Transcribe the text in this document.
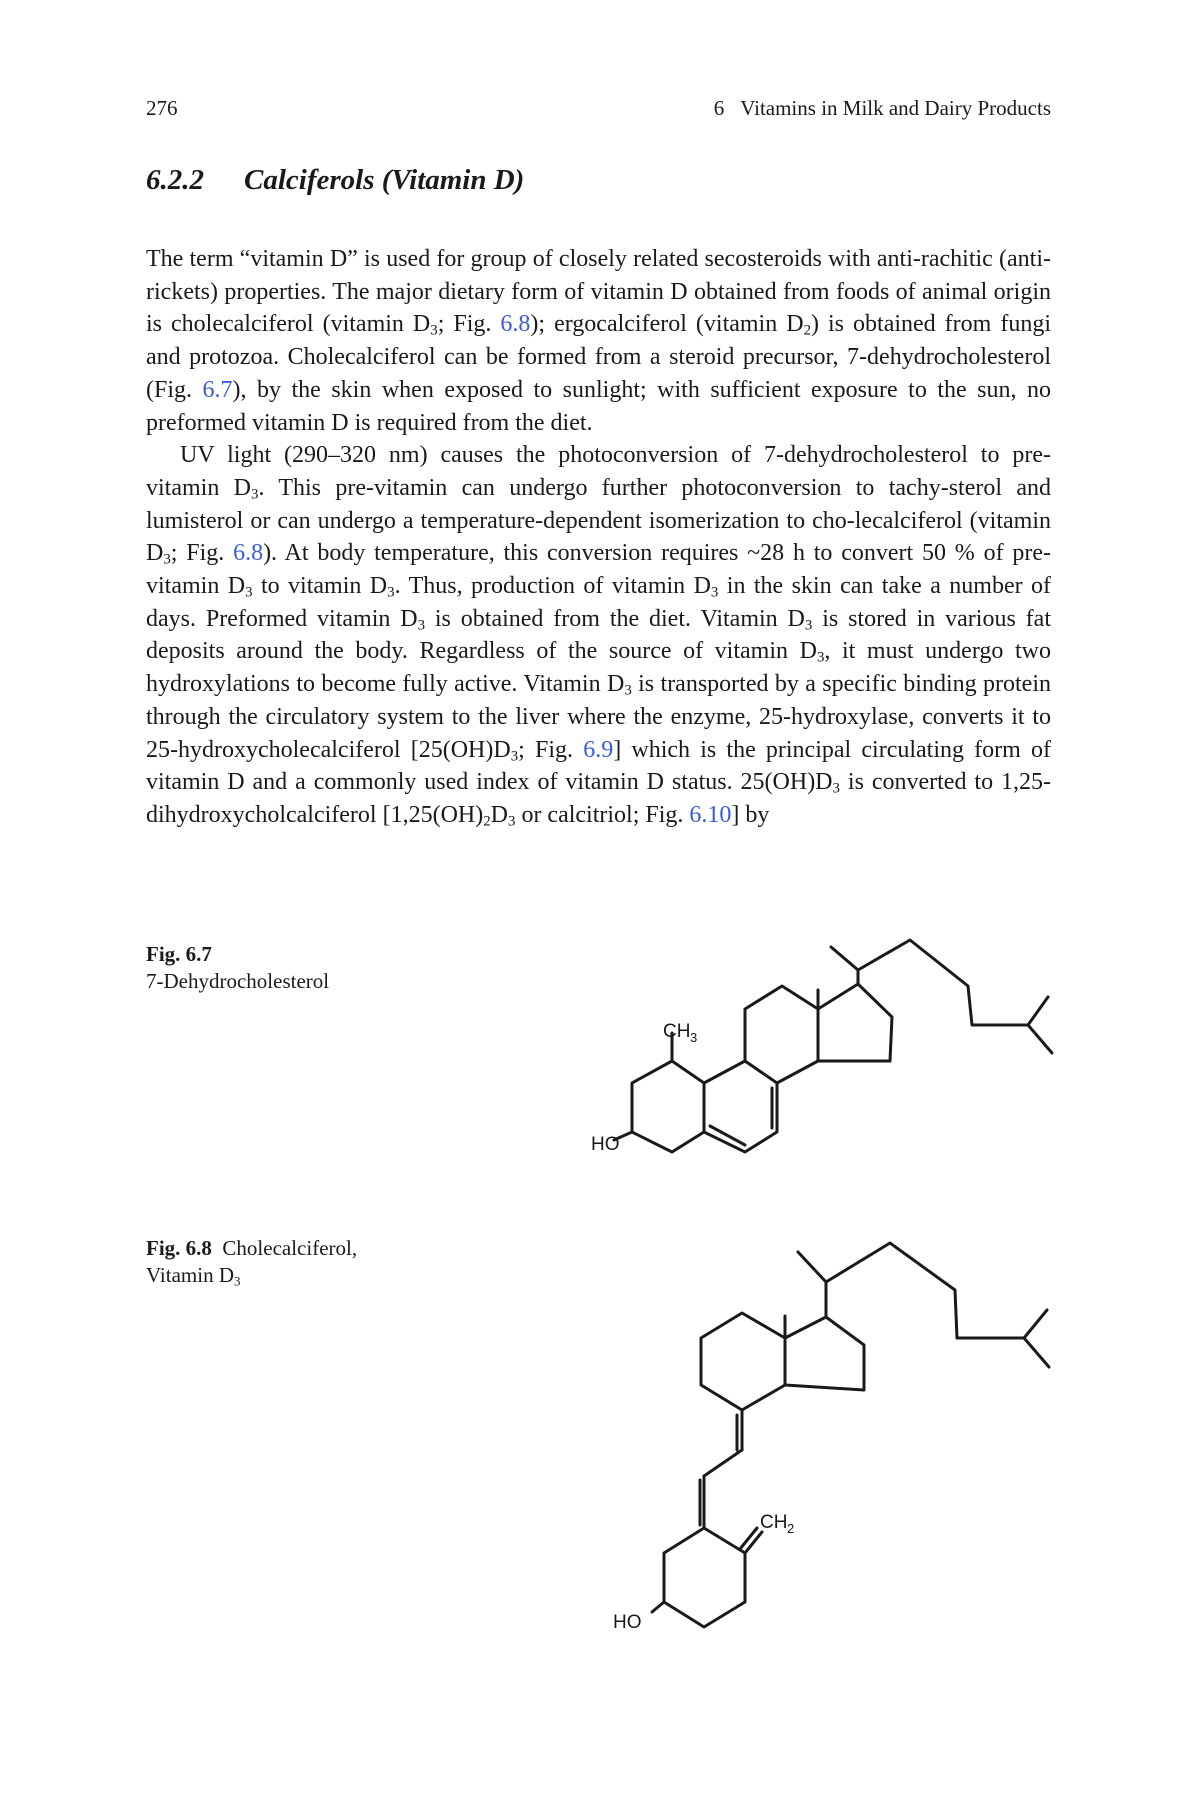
276	6 Vitamins in Milk and Dairy Products
6.2.2 Calciferols (Vitamin D)

The term “vitamin D” is used for group of closely related secosteroids with anti-rachitic (anti-rickets) properties. The major dietary form of vitamin D obtained from foods of animal origin is cholecalciferol (vitamin $D_3$; Fig. 6.8); ergocalciferol (vitamin $D_2$) is obtained from fungi and protozoa. Cholecalciferol can be formed from a steroid precursor, 7-dehydrocholesterol (Fig. 6.7), by the skin when exposed to sunlight; with sufficient exposure to the sun, no preformed vitamin D is required from the diet.

UV light (290–320 nm) causes the photoconversion of 7-dehydrocholesterol to pre-vitamin $D_3$. This pre-vitamin can undergo further photoconversion to tachy-sterol and lumisterol or can undergo a temperature-dependent isomerization to cho-lecalciferol (vitamin $D_3$; Fig. 6.8). At body temperature, this conversion requires ~28 h to convert 50 % of pre-vitamin $D_3$ to vitamin $D_3$. Thus, production of vitamin $D_3$ in the skin can take a number of days. Preformed vitamin $D_3$ is obtained from the diet. Vitamin $D_3$ is stored in various fat deposits around the body. Regardless of the source of vitamin $D_3$, it must undergo two hydroxylations to become fully active. Vitamin $D_3$ is transported by a specific binding protein through the circulatory system to the liver where the enzyme, 25-hydroxylase, converts it to 25-hydroxycholecalciferol [$25(OH)D_3$; Fig. 6.9] which is the principal circulating form of vitamin D and a commonly used index of vitamin D status. $25(OH)D_3$ is converted to 1,25-dihydroxycholcalciferol [$1,25(OH)_2D_3$ or calcitriol; Fig. 6.10] by

Fig. 6.7
7-Dehydrocholesterol
Fig. 6.8 Cholecalciferol,
Vitamin $D_3$
CH 3
HO
CH 2
HO
